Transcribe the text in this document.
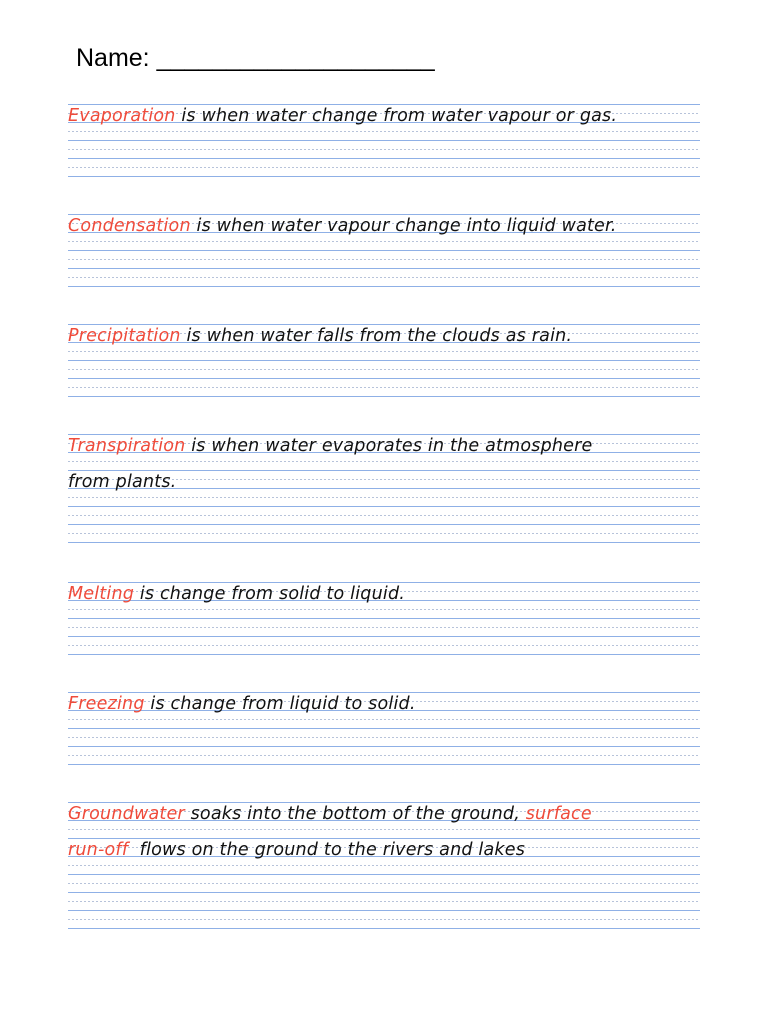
Name: ____________________
Evaporation is when water change from water vapour or gas.
Condensation is when water vapour change into liquid water.
Precipitation is when water falls from the clouds as rain.
Transpiration is when water evaporates in the atmosphere
from plants.
Melting is change from solid to liquid.
Freezing is change from liquid to solid.
Groundwater soaks into the bottom of the ground, surface
run-off  flows on the ground to the rivers and lakes
